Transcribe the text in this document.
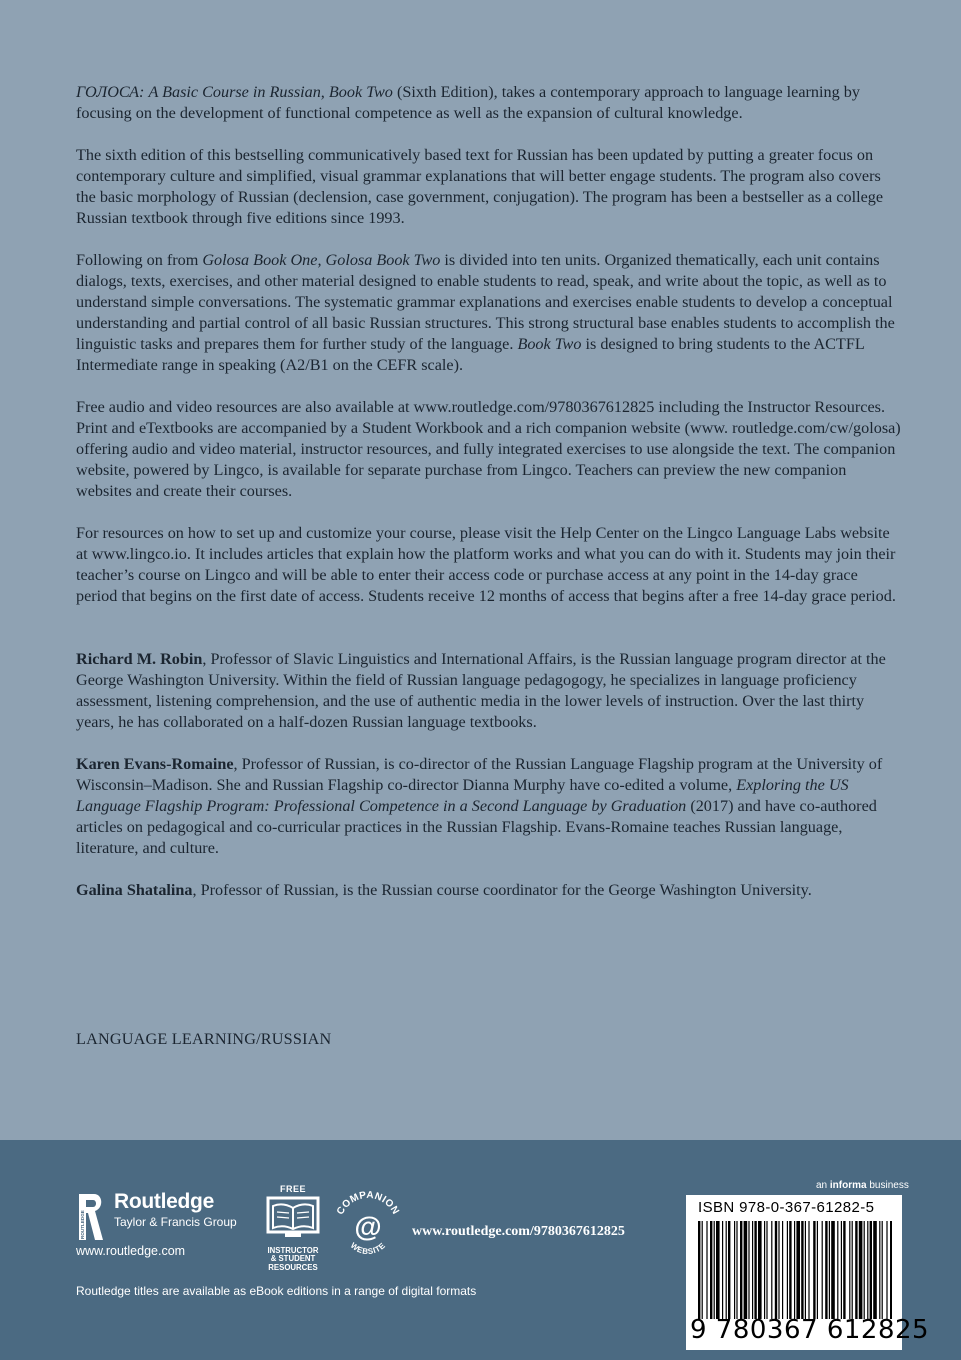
ГОЛОСА: A Basic Course in Russian, Book Two (Sixth Edition), takes a contemporary approach to language learning by focusing on the development of functional competence as well as the expansion of cultural knowledge.

The sixth edition of this bestselling communicatively based text for Russian has been updated by putting a greater focus on contemporary culture and simplified, visual grammar explanations that will better engage students. The program also covers the basic morphology of Russian (declension, case government, conjugation). The program has been a bestseller as a college Russian textbook through five editions since 1993.

Following on from Golosa Book One, Golosa Book Two is divided into ten units. Organized thematically, each unit contains dialogs, texts, exercises, and other material designed to enable students to read, speak, and write about the topic, as well as to understand simple conversations. The systematic grammar explanations and exercises enable students to develop a conceptual understanding and partial control of all basic Russian structures. This strong structural base enables students to accomplish the linguistic tasks and prepares them for further study of the language. Book Two is designed to bring students to the ACTFL Intermediate range in speaking (A2/B1 on the CEFR scale).

Free audio and video resources are also available at www.routledge.com/9780367612825 including the Instructor Resources. Print and eTextbooks are accompanied by a Student Workbook and a rich companion website (www. routledge.com/cw/golosa) offering audio and video material, instructor resources, and fully integrated exercises to use alongside the text. The companion website, powered by Lingco, is available for separate purchase from Lingco. Teachers can preview the new companion websites and create their courses.

For resources on how to set up and customize your course, please visit the Help Center on the Lingco Language Labs website at www.lingco.io. It includes articles that explain how the platform works and what you can do with it. Students may join their teacher’s course on Lingco and will be able to enter their access code or purchase access at any point in the 14-day grace period that begins on the first date of access. Students receive 12 months of access that begins after a free 14-day grace period.

Richard M. Robin, Professor of Slavic Linguistics and International Affairs, is the Russian language program director at the George Washington University. Within the field of Russian language pedagogogy, he specializes in language proficiency assessment, listening comprehension, and the use of authentic media in the lower levels of instruction. Over the last thirty years, he has collaborated on a half-dozen Russian language textbooks.

Karen Evans-Romaine, Professor of Russian, is co-director of the Russian Language Flagship program at the University of Wisconsin–Madison. She and Russian Flagship co-director Dianna Murphy have co-edited a volume, Exploring the US Language Flagship Program: Professional Competence in a Second Language by Graduation (2017) and have co-authored articles on pedagogical and co-curricular practices in the Russian Flagship. Evans-Romaine teaches Russian language, literature, and culture.

Galina Shatalina, Professor of Russian, is the Russian course coordinator for the George Washington University.

LANGUAGE LEARNING/RUSSIAN
ROUTLEDGE
Routledge
Taylor & Francis Group
www.routledge.com
FREE
INSTRUCTOR
& STUDENT
RESOURCES
COMPANION
WEBSITE
@ www.routledge.com/9780367612825
Routledge titles are available as eBook editions in a range of digital formats
an informa business
ISBN 978-0-367-61282-5
9 780367 612825
